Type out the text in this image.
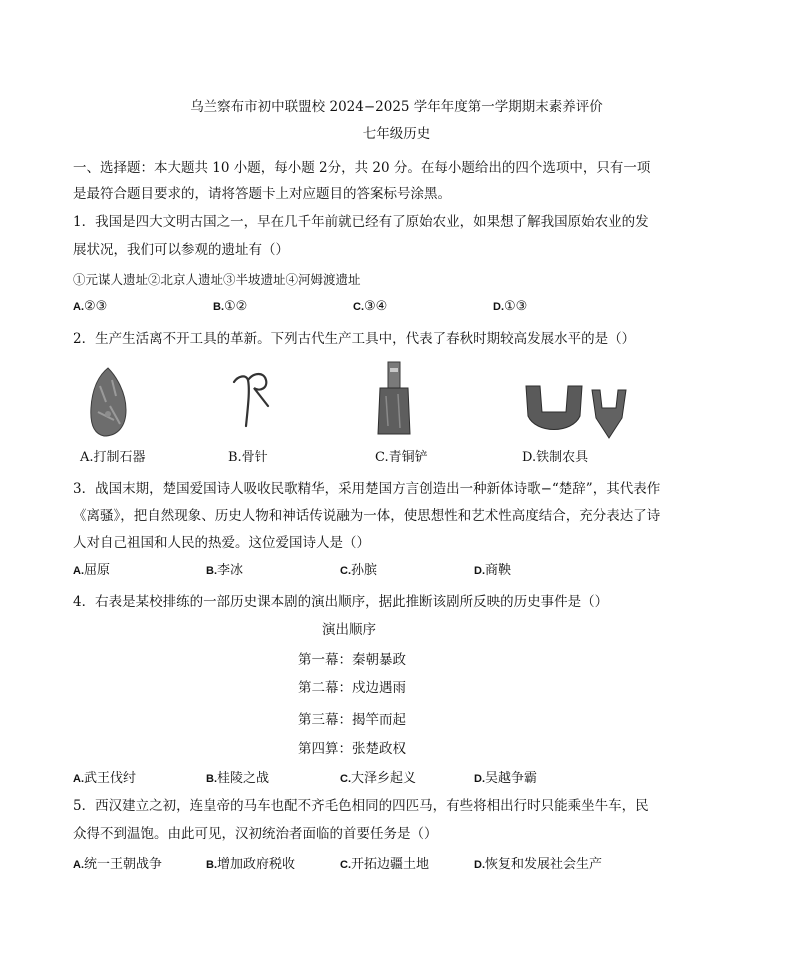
乌兰察布市初中联盟校 2024−2025 学年年度第一学期期末素养评价
七年级历史
一、选择题：本大题共 10 小题，每小题 2分，共 20 分。在每小题给出的四个选项中，只有一项
是最符合题目要求的，请将答题卡上对应题目的答案标号涂黑。
1．我国是四大文明古国之一，早在几千年前就已经有了原始农业，如果想了解我国原始农业的发
展状况，我们可以参观的遗址有（）
①元谋人遗址②北京人遗址③半坡遗址④河姆渡遗址
A.②③	B.①②	C.③④	D.①③
2．生产生活离不开工具的革新。下列古代生产工具中，代表了春秋时期较高发展水平的是（）
A.打制石器	B.骨针	C.青铜铲	D.铁制农具
3．战国末期，楚国爱国诗人吸收民歌精华，采用楚国方言创造出一种新体诗歌−“楚辞”，其代表作
《离骚》，把自然现象、历史人物和神话传说融为一体，使思想性和艺术性高度结合，充分表达了诗
人对自己祖国和人民的热爱。这位爱国诗人是（）
A.屈原	B.李冰	C.孙膑	D.商鞅
4．右表是某校排练的一部历史课本剧的演出顺序，据此推断该剧所反映的历史事件是（）
演出顺序
第一幕：秦朝暴政
第二幕：戍边遇雨
第三幕：揭竿而起
第四算：张楚政权
A.武王伐纣	B.桂陵之战	C.大泽乡起义	D.吴越争霸
5．西汉建立之初，连皇帝的马车也配不齐毛色相同的四匹马，有些将相出行时只能乘坐牛车，民
众得不到温饱。由此可见，汉初统治者面临的首要任务是（）
A.统一王朝战争	B.增加政府税收	C.开拓边疆土地	D.恢复和发展社会生产
